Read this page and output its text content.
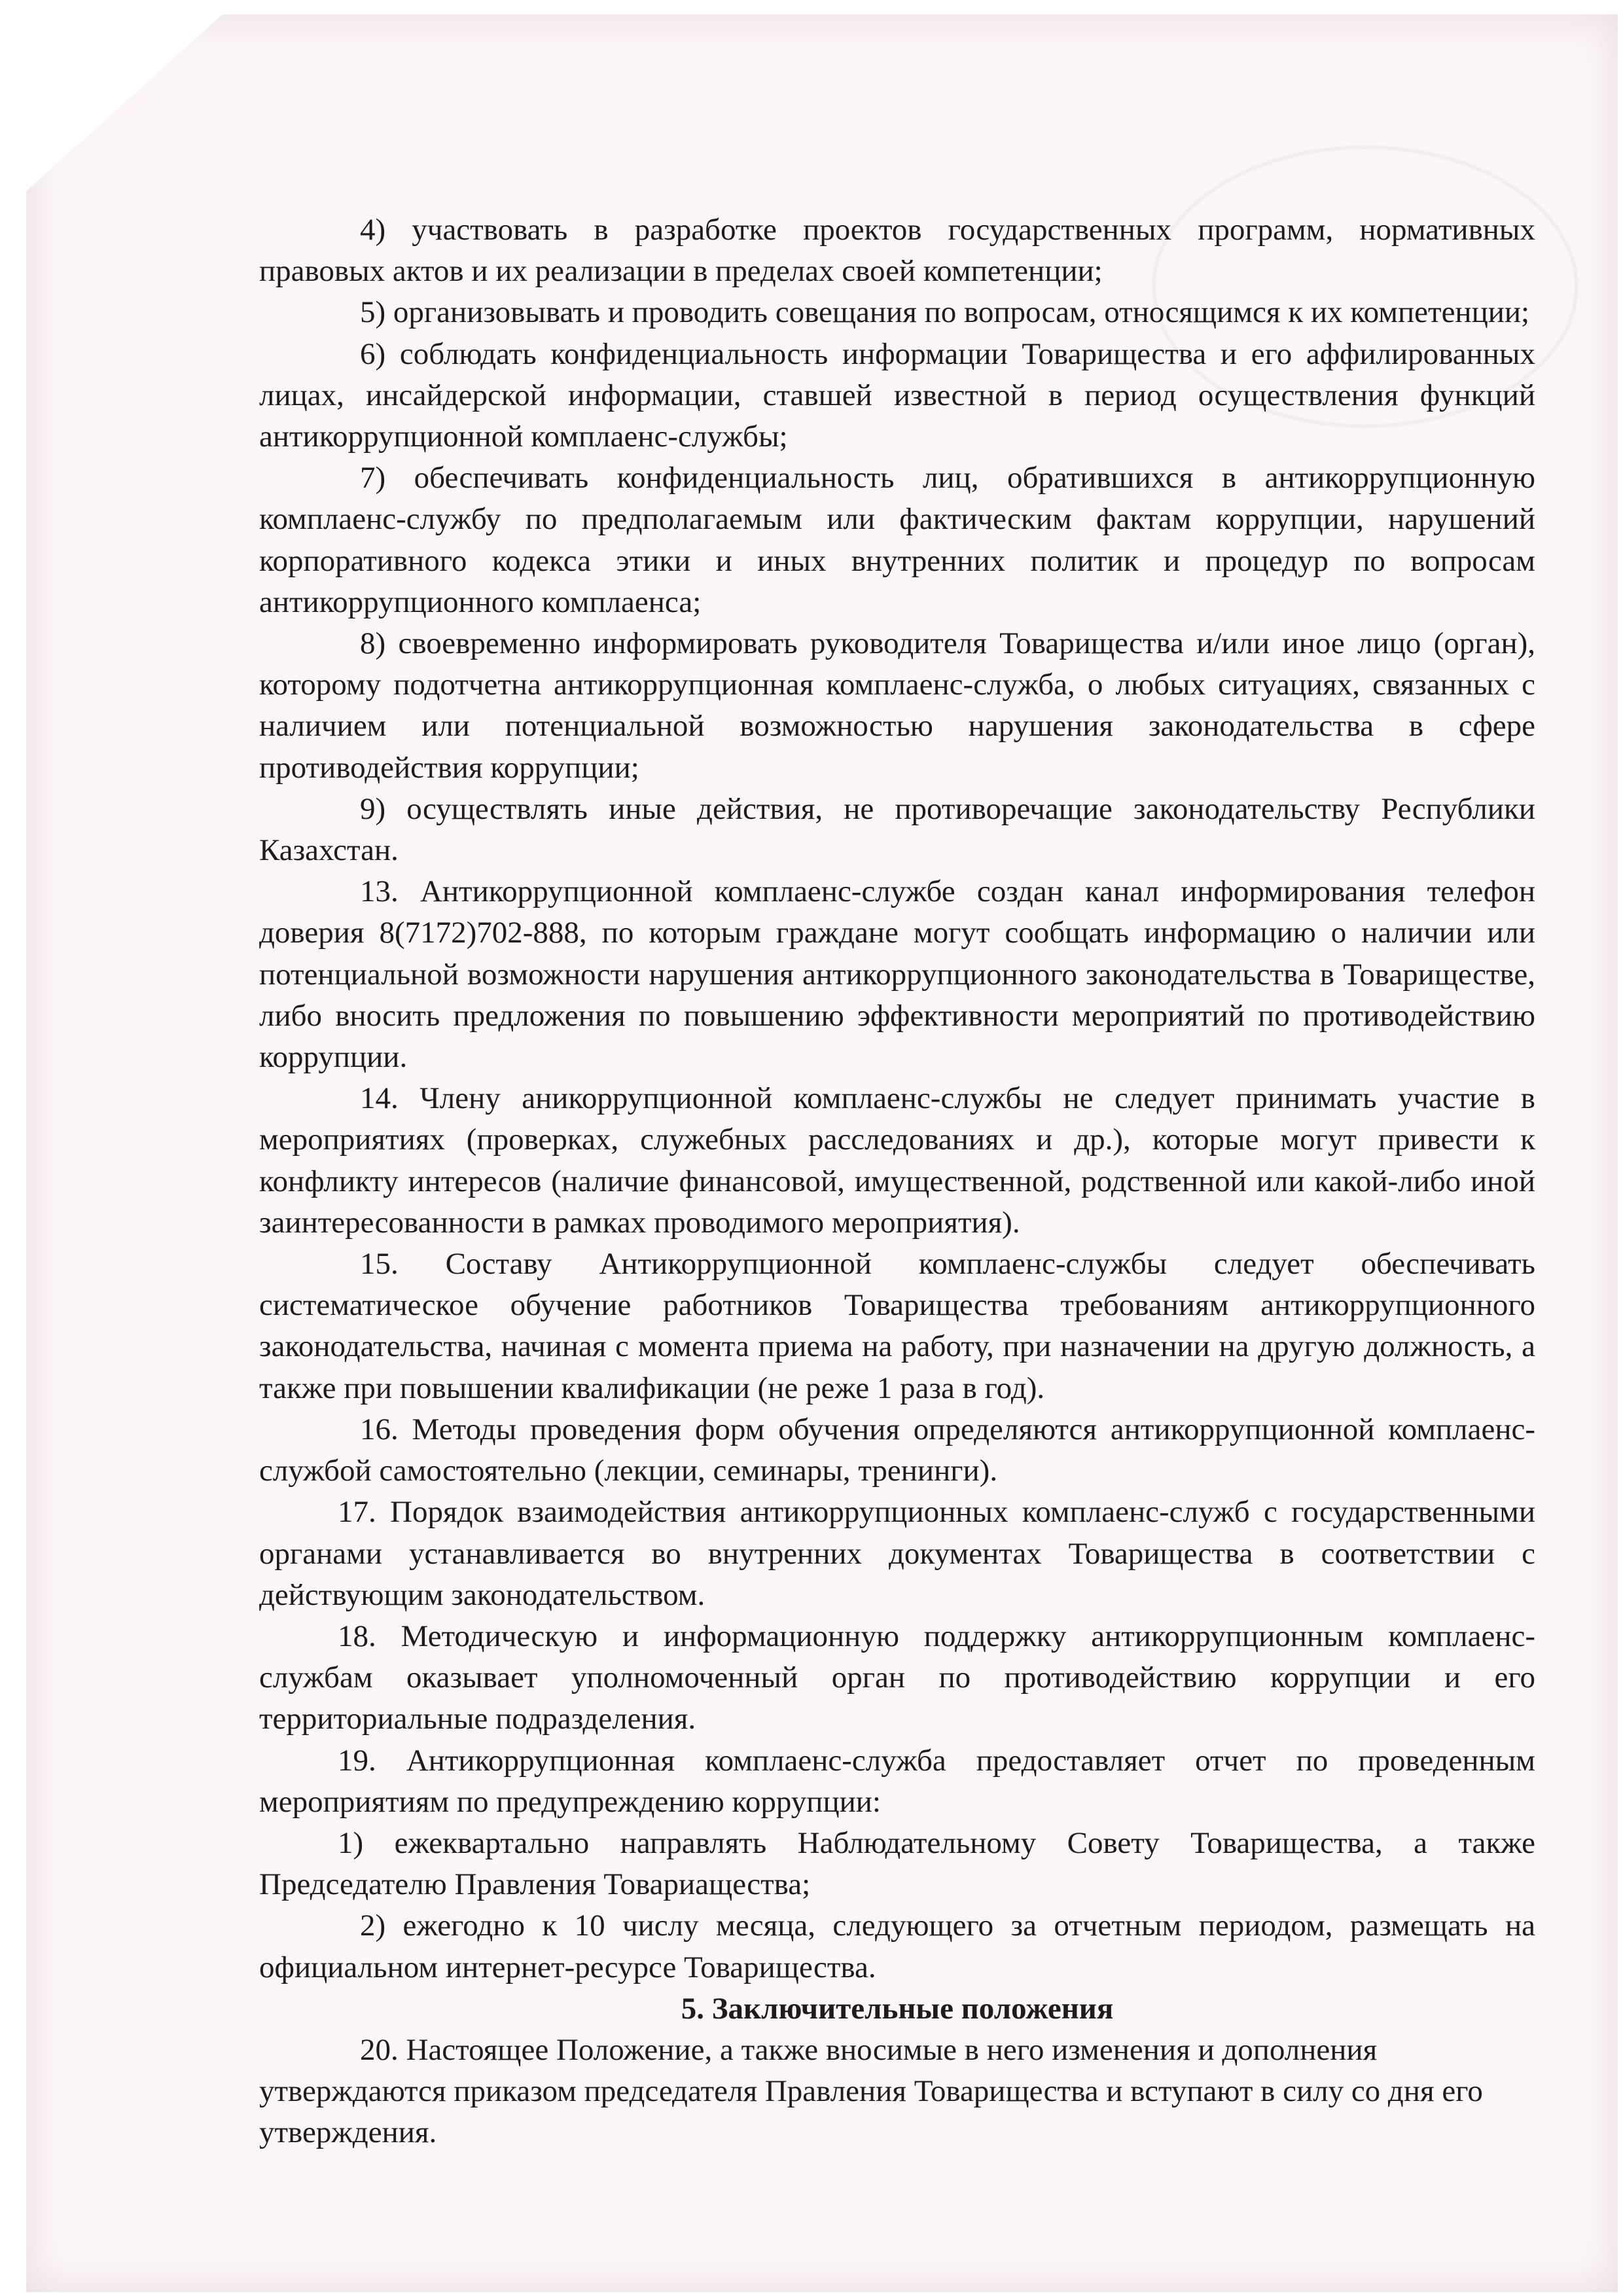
4) участвовать в разработке проектов государственных программ, нормативных правовых актов и их реализации в пределах своей компетенции;

5) организовывать и проводить совещания по вопросам, относящимся к их компетенции;

6) соблюдать конфиденциальность информации Товарищества и его аффилированных лицах, инсайдерской информации, ставшей известной в период осуществления функций антикоррупционной комплаенс-службы;

7) обеспечивать конфиденциальность лиц, обратившихся в антикоррупционную комплаенс-службу по предполагаемым или фактическим фактам коррупции, нарушений корпоративного кодекса этики и иных внутренних политик и процедур по вопросам антикоррупционного комплаенса;

8) своевременно информировать руководителя Товарищества и/или иное лицо (орган), которому подотчетна антикоррупционная комплаенс-служба, о любых ситуациях, связанных с наличием или потенциальной возможностью нарушения законодательства в сфере противодействия коррупции;

9) осуществлять иные действия, не противоречащие законодательству Республики Казахстан.

13. Антикоррупционной комплаенс-службе создан канал информирования телефон доверия 8(7172)702-888, по которым граждане могут сообщать информацию о наличии или потенциальной возможности нарушения антикоррупционного законодательства в Товариществе, либо вносить предложения по повышению эффективности мероприятий по противодействию коррупции.

14. Члену аникоррупционной комплаенс-службы не следует принимать участие в мероприятиях (проверках, служебных расследованиях и др.), которые могут привести к конфликту интересов (наличие финансовой, имущественной, родственной или какой-либо иной заинтересованности в рамках проводимого мероприятия).

15. Составу Антикоррупционной комплаенс-службы следует обеспечивать систематическое обучение работников Товарищества требованиям антикоррупционного законодательства, начиная с момента приема на работу, при назначении на другую должность, а также при повышении квалификации (не реже 1 раза в год).

16. Методы проведения форм обучения определяются антикоррупционной комплаенс-службой самостоятельно (лекции, семинары, тренинги).

17. Порядок взаимодействия антикоррупционных комплаенс-служб с государственными органами устанавливается во внутренних документах Товарищества в соответствии с действующим законодательством.

18. Методическую и информационную поддержку антикоррупционным комплаенс-службам оказывает уполномоченный орган по противодействию коррупции и его территориальные подразделения.

19. Антикоррупционная комплаенс-служба предоставляет отчет по проведенным мероприятиям по предупреждению коррупции:

1) ежеквартально направлять Наблюдательному Совету Товарищества, а также Председателю Правления Товариащества;

2) ежегодно к 10 числу месяца, следующего за отчетным периодом, размещать на официальном интернет-ресурсе Товарищества.

5. Заключительные положения

20. Настоящее Положение, а также вносимые в него изменения и дополнения утверждаются приказом председателя Правления Товарищества и вступают в силу со дня его утверждения.
